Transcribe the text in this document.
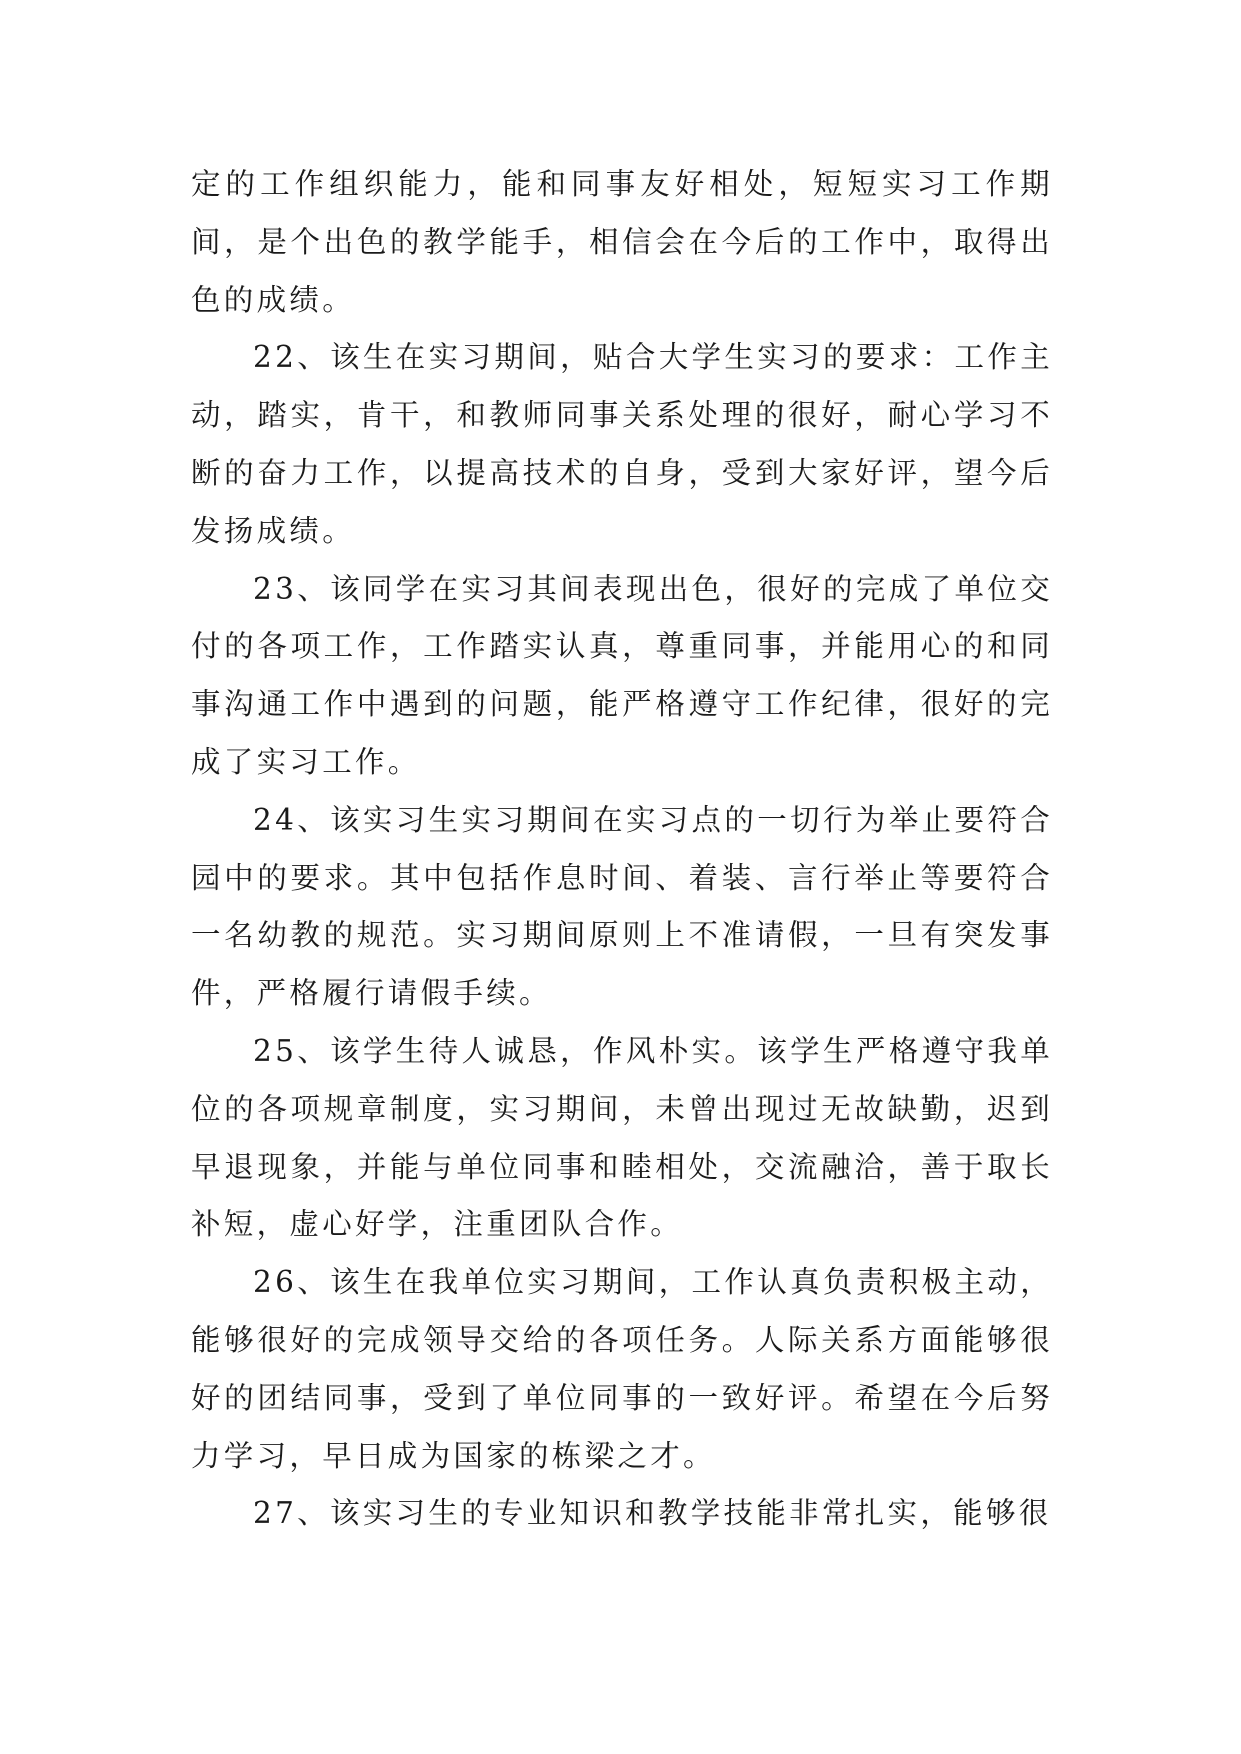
定的工作组织能力，能和同事友好相处，短短实习工作期间，是个出色的教学能手，相信会在今后的工作中，取得出色的成绩。

22、该生在实习期间，贴合大学生实习的要求：工作主动，踏实，肯干，和教师同事关系处理的很好，耐心学习不断的奋力工作，以提高技术的自身，受到大家好评，望今后发扬成绩。

23、该同学在实习其间表现出色，很好的完成了单位交付的各项工作，工作踏实认真，尊重同事，并能用心的和同事沟通工作中遇到的问题，能严格遵守工作纪律，很好的完成了实习工作。

24、该实习生实习期间在实习点的一切行为举止要符合园中的要求。其中包括作息时间、着装、言行举止等要符合一名幼教的规范。实习期间原则上不准请假，一旦有突发事件，严格履行请假手续。

25、该学生待人诚恳，作风朴实。该学生严格遵守我单位的各项规章制度，实习期间，未曾出现过无故缺勤，迟到早退现象，并能与单位同事和睦相处，交流融洽，善于取长补短，虚心好学，注重团队合作。

26、该生在我单位实习期间，工作认真负责积极主动，能够很好的完成领导交给的各项任务。人际关系方面能够很好的团结同事，受到了单位同事的一致好评。希望在今后努力学习，早日成为国家的栋梁之才。

27、该实习生的专业知识和教学技能非常扎实，能够很
